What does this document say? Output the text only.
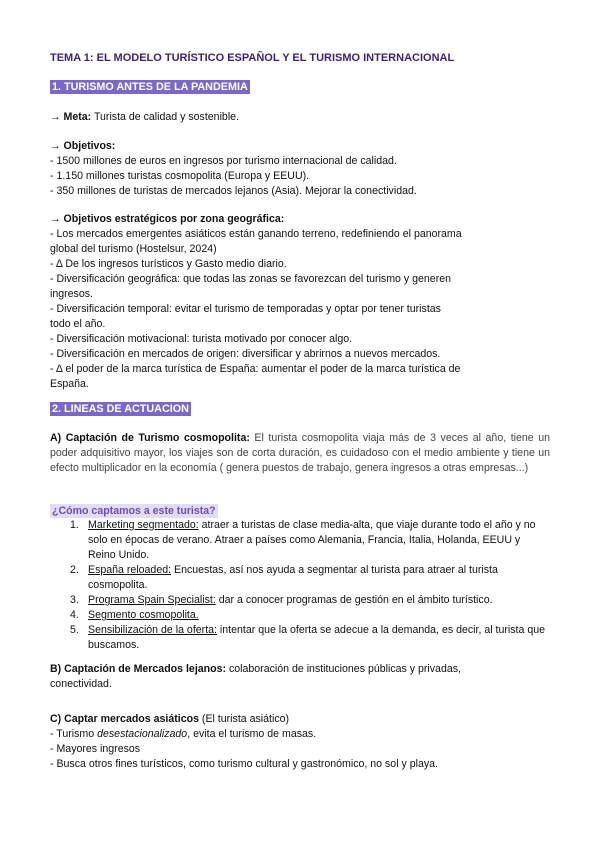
TEMA 1: EL MODELO TURÍSTICO ESPAÑOL Y EL TURISMO INTERNACIONAL
1. TURISMO ANTES DE LA PANDEMIA
→ Meta: Turista de calidad y sostenible.
→ Objetivos:
- 1500 millones de euros en ingresos por turismo internacional de calidad.
- 1.150 millones turistas cosmopolita (Europa y EEUU).
- 350 millones de turistas de mercados lejanos (Asia). Mejorar la conectividad.
→ Objetivos estratégicos por zona geográfica:
- Los mercados emergentes asiáticos están ganando terreno, redefiniendo el panorama
global del turismo (Hostelsur, 2024)
- Δ De los ingresos turísticos y Gasto medio diario.
- Diversificación geográfica: que todas las zonas se favorezcan del turismo y generen
ingresos.
- Diversificación temporal: evitar el turismo de temporadas y optar por tener turistas
todo el año.
- Diversificación motivacional: turista motivado por conocer algo.
- Diversificación en mercados de origen: diversificar y abrirnos a nuevos mercados.
- Δ el poder de la marca turística de España: aumentar el poder de la marca turística de
España.
2. LINEAS DE ACTUACION
A) Captación de Turismo cosmopolita: El turista cosmopolita viaja más de 3 veces al año, tiene un poder adquisitivo mayor, los viajes son de corta duración, es cuidadoso con el medio ambiente y tiene un efecto multiplicador en la economía ( genera puestos de trabajo, genera ingresos a otras empresas...)
¿Cómo captamos a este turista?
1. Marketing segmentado: atraer a turistas de clase media-alta, que viaje durante todo el año y no solo en épocas de verano. Atraer a países como Alemania, Francia, Italia, Holanda, EEUU y Reino Unido.
2. España reloaded: Encuestas, así nos ayuda a segmentar al turista para atraer al turista cosmopolita.
3. Programa Spain Specialist: dar a conocer programas de gestión en el ámbito turístico.
4. Segmento cosmopolita.
5. Sensibilización de la oferta: intentar que la oferta se adecue a la demanda, es decir, al turista que buscamos.
B) Captación de Mercados lejanos: colaboración de instituciones públicas y privadas,
conectividad.
C) Captar mercados asiáticos (El turista asiático)
- Turismo desestacionalizado, evita el turismo de masas.
- Mayores ingresos
- Busca otros fines turísticos, como turismo cultural y gastronómico, no sol y playa.
